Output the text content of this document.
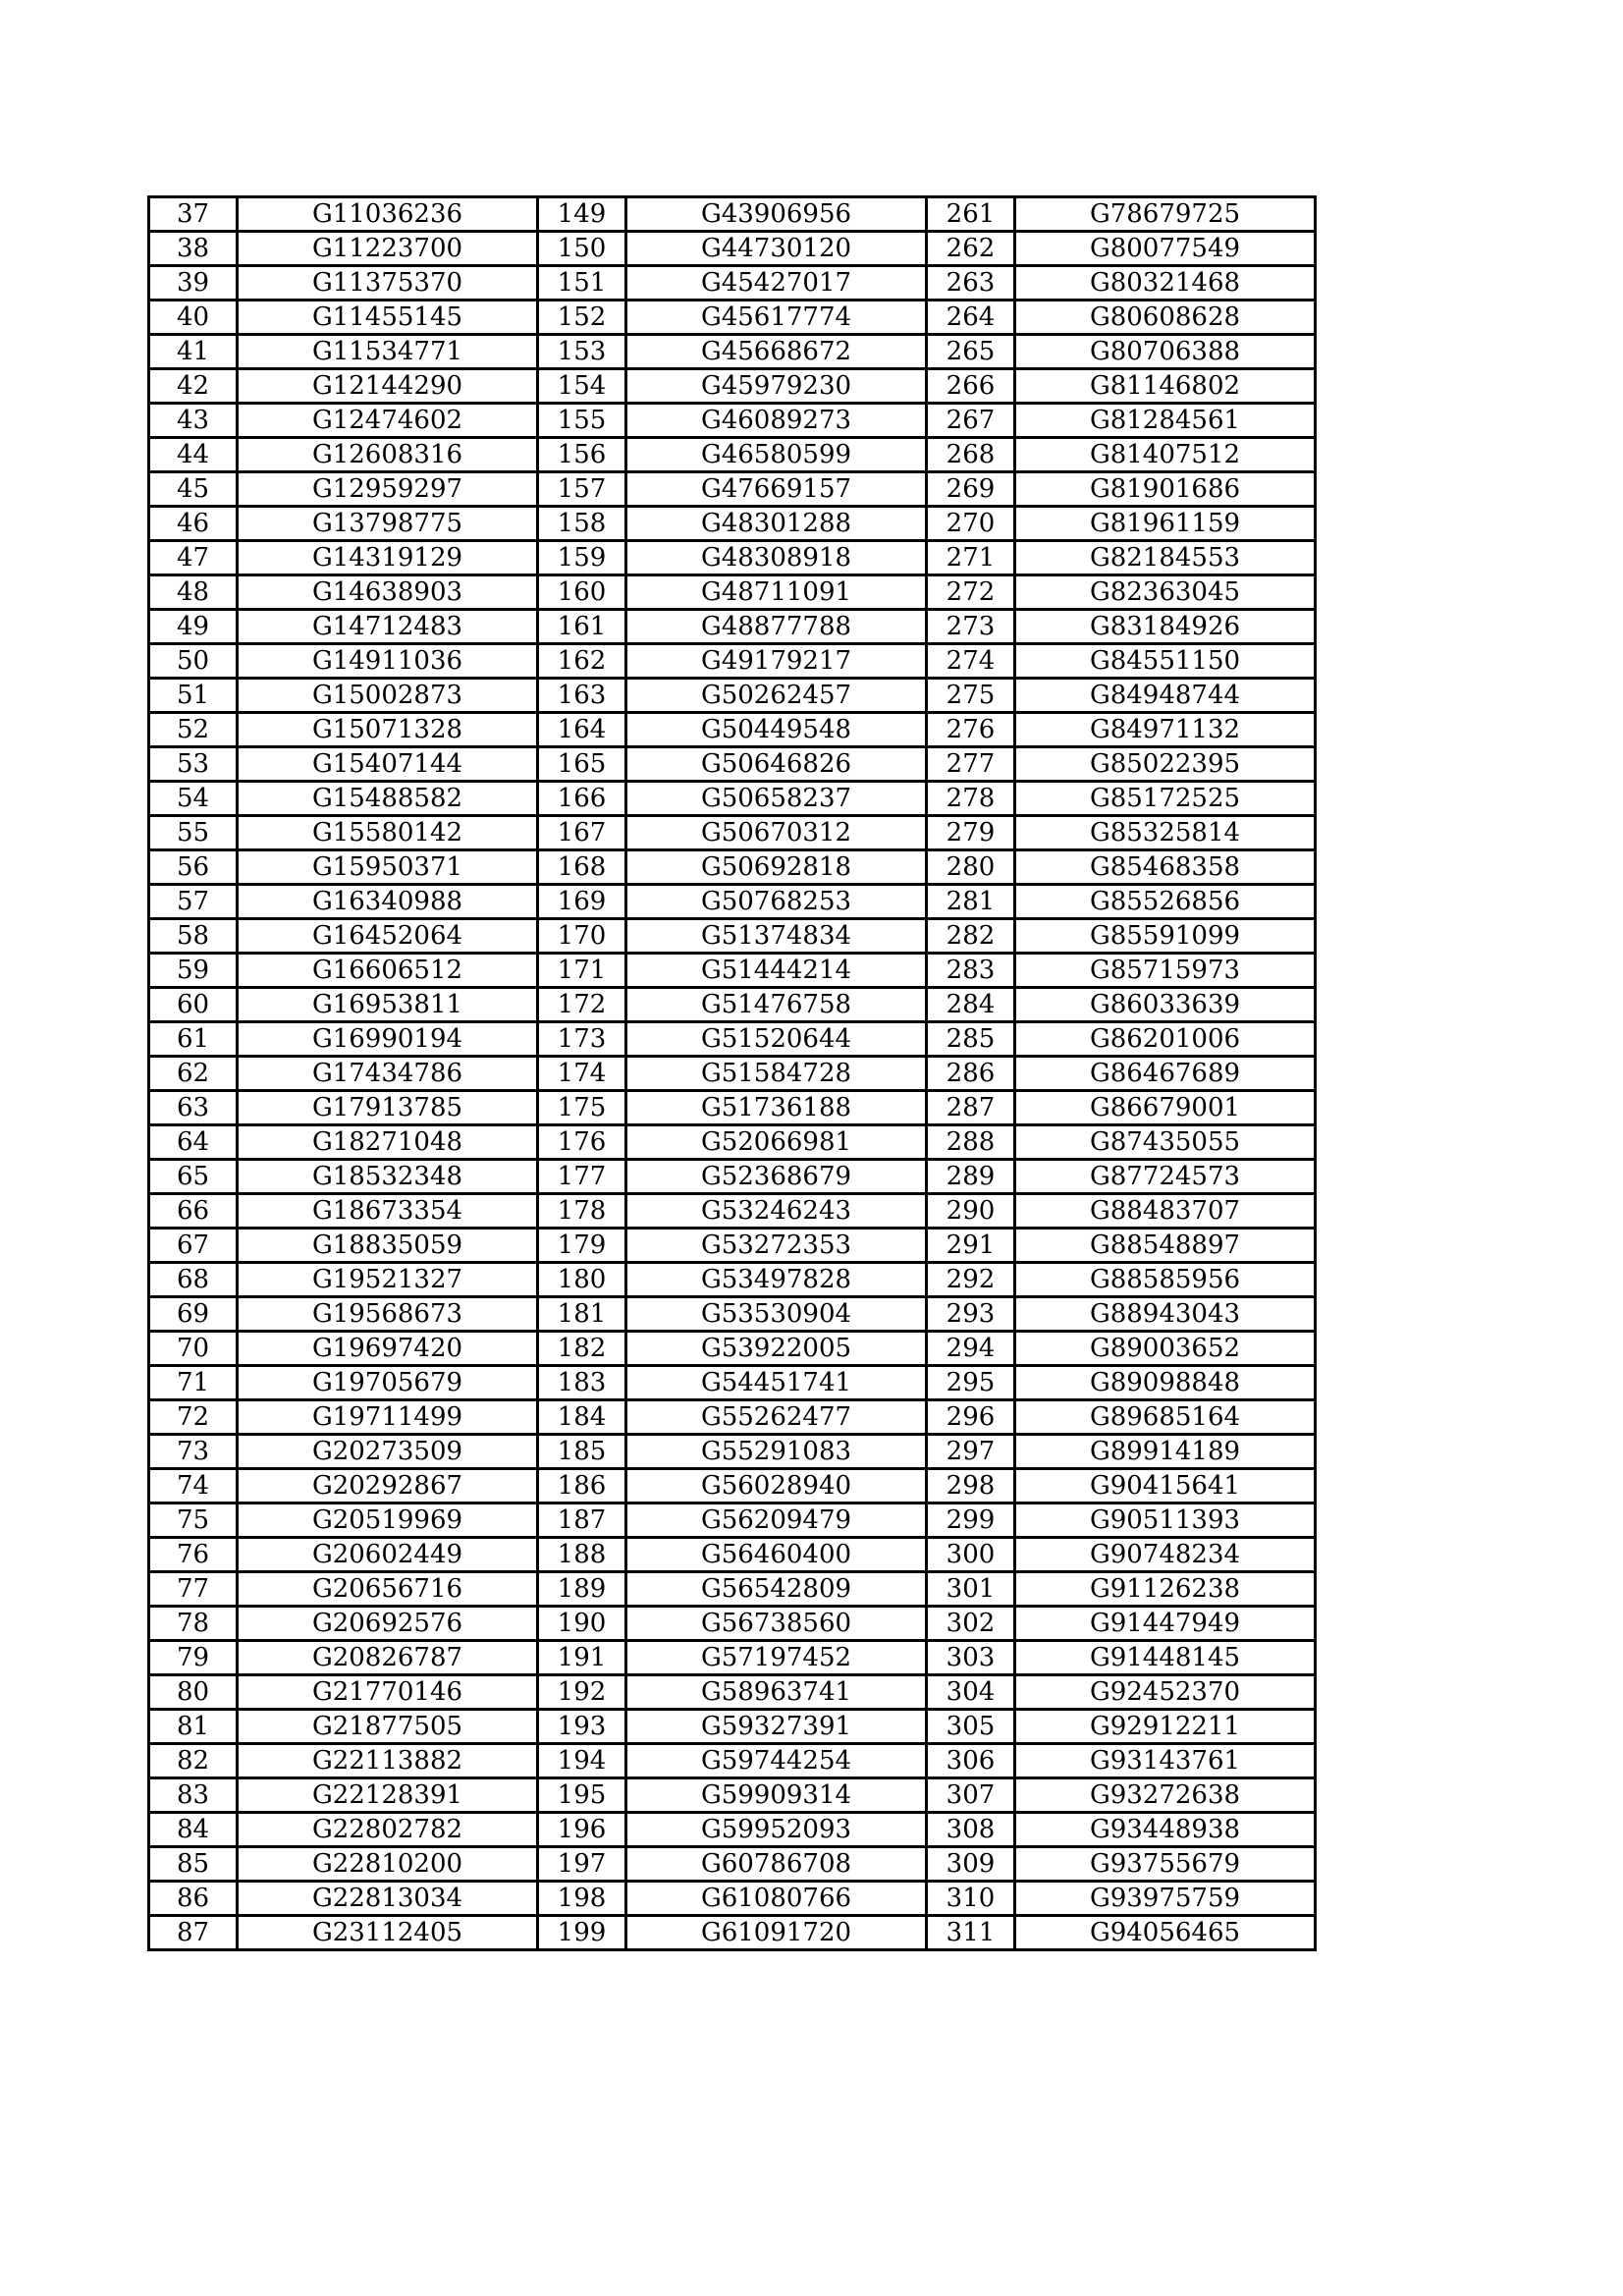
37	G11036236	149	G43906956	261	G78679725
38	G11223700	150	G44730120	262	G80077549
39	G11375370	151	G45427017	263	G80321468
40	G11455145	152	G45617774	264	G80608628
41	G11534771	153	G45668672	265	G80706388
42	G12144290	154	G45979230	266	G81146802
43	G12474602	155	G46089273	267	G81284561
44	G12608316	156	G46580599	268	G81407512
45	G12959297	157	G47669157	269	G81901686
46	G13798775	158	G48301288	270	G81961159
47	G14319129	159	G48308918	271	G82184553
48	G14638903	160	G48711091	272	G82363045
49	G14712483	161	G48877788	273	G83184926
50	G14911036	162	G49179217	274	G84551150
51	G15002873	163	G50262457	275	G84948744
52	G15071328	164	G50449548	276	G84971132
53	G15407144	165	G50646826	277	G85022395
54	G15488582	166	G50658237	278	G85172525
55	G15580142	167	G50670312	279	G85325814
56	G15950371	168	G50692818	280	G85468358
57	G16340988	169	G50768253	281	G85526856
58	G16452064	170	G51374834	282	G85591099
59	G16606512	171	G51444214	283	G85715973
60	G16953811	172	G51476758	284	G86033639
61	G16990194	173	G51520644	285	G86201006
62	G17434786	174	G51584728	286	G86467689
63	G17913785	175	G51736188	287	G86679001
64	G18271048	176	G52066981	288	G87435055
65	G18532348	177	G52368679	289	G87724573
66	G18673354	178	G53246243	290	G88483707
67	G18835059	179	G53272353	291	G88548897
68	G19521327	180	G53497828	292	G88585956
69	G19568673	181	G53530904	293	G88943043
70	G19697420	182	G53922005	294	G89003652
71	G19705679	183	G54451741	295	G89098848
72	G19711499	184	G55262477	296	G89685164
73	G20273509	185	G55291083	297	G89914189
74	G20292867	186	G56028940	298	G90415641
75	G20519969	187	G56209479	299	G90511393
76	G20602449	188	G56460400	300	G90748234
77	G20656716	189	G56542809	301	G91126238
78	G20692576	190	G56738560	302	G91447949
79	G20826787	191	G57197452	303	G91448145
80	G21770146	192	G58963741	304	G92452370
81	G21877505	193	G59327391	305	G92912211
82	G22113882	194	G59744254	306	G93143761
83	G22128391	195	G59909314	307	G93272638
84	G22802782	196	G59952093	308	G93448938
85	G22810200	197	G60786708	309	G93755679
86	G22813034	198	G61080766	310	G93975759
87	G23112405	199	G61091720	311	G94056465
